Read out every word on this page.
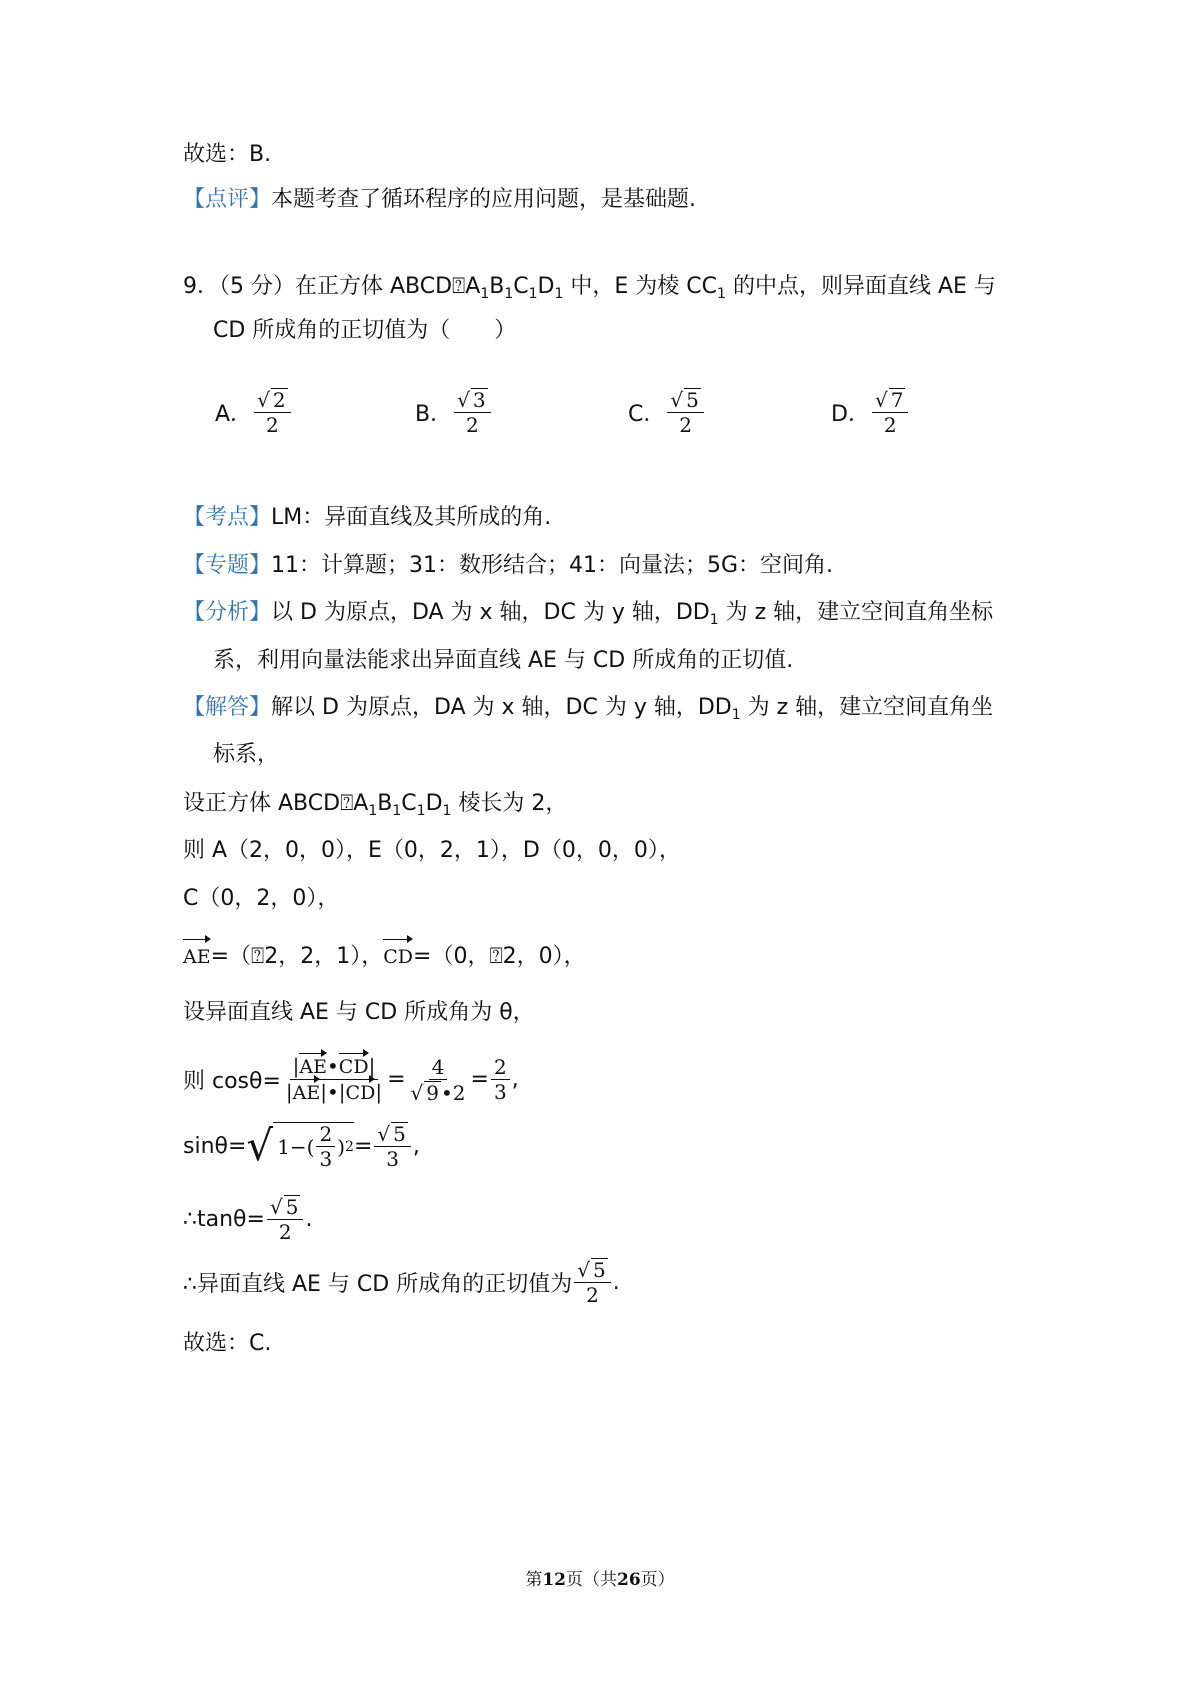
故选：B.
【点评】本题考查了循环程序的应用问题，是基础题.
9．（5 分）在正方体 $ABCD⍰A_1B_1C_1D_1$ 中，E 为棱 $CC_1$ 的中点，则异面直线 AE 与
CD 所成角的正切值为（　　）
A． $\frac{√ 2}{2}$	B． $\frac{√ 3}{2}$	C． $\frac{√ 5}{2}$	D． $\frac{√ 7}{2}$
【考点】LM：异面直线及其所成的角.
【专题】11：计算题；31：数形结合；41：向量法；5G：空间角.
【分析】以 D 为原点，DA 为 x 轴，DC 为 y 轴，$DD_1$ 为 z 轴，建立空间直角坐标
系，利用向量法能求出异面直线 AE 与 CD 所成角的正切值.
【解答】解以 D 为原点，DA 为 x 轴，DC 为 y 轴，$DD_1$ 为 z 轴，建立空间直角坐
标系，
设正方体 $ABCD⍰A_1B_1C_1D_1$ 棱长为 2，
则 A（2，0，0），E（0，2，1），D（0，0，0），
C（0，2，0），
AE=（⍰2，2，1），CD=（0，⍰2，0），
设异面直线 AE 与 CD 所成角为 θ，
则 $\cos\theta= \frac{|AE•CD|}{|AE|•|CD|} = \frac{4}{√ 9 •2} = \frac{2}{3}$ ,
sinθ= √ $1-( \frac{2}{3}$ ) $2 = \frac{√ 5}{3}$ ,
∴tanθ= $\frac{√ 5}{2}$ .
∴异面直线 AE 与 CD 所成角的正切值为 $\frac{√ 5}{2}$ .
故选：C.
第12页（共26页）
